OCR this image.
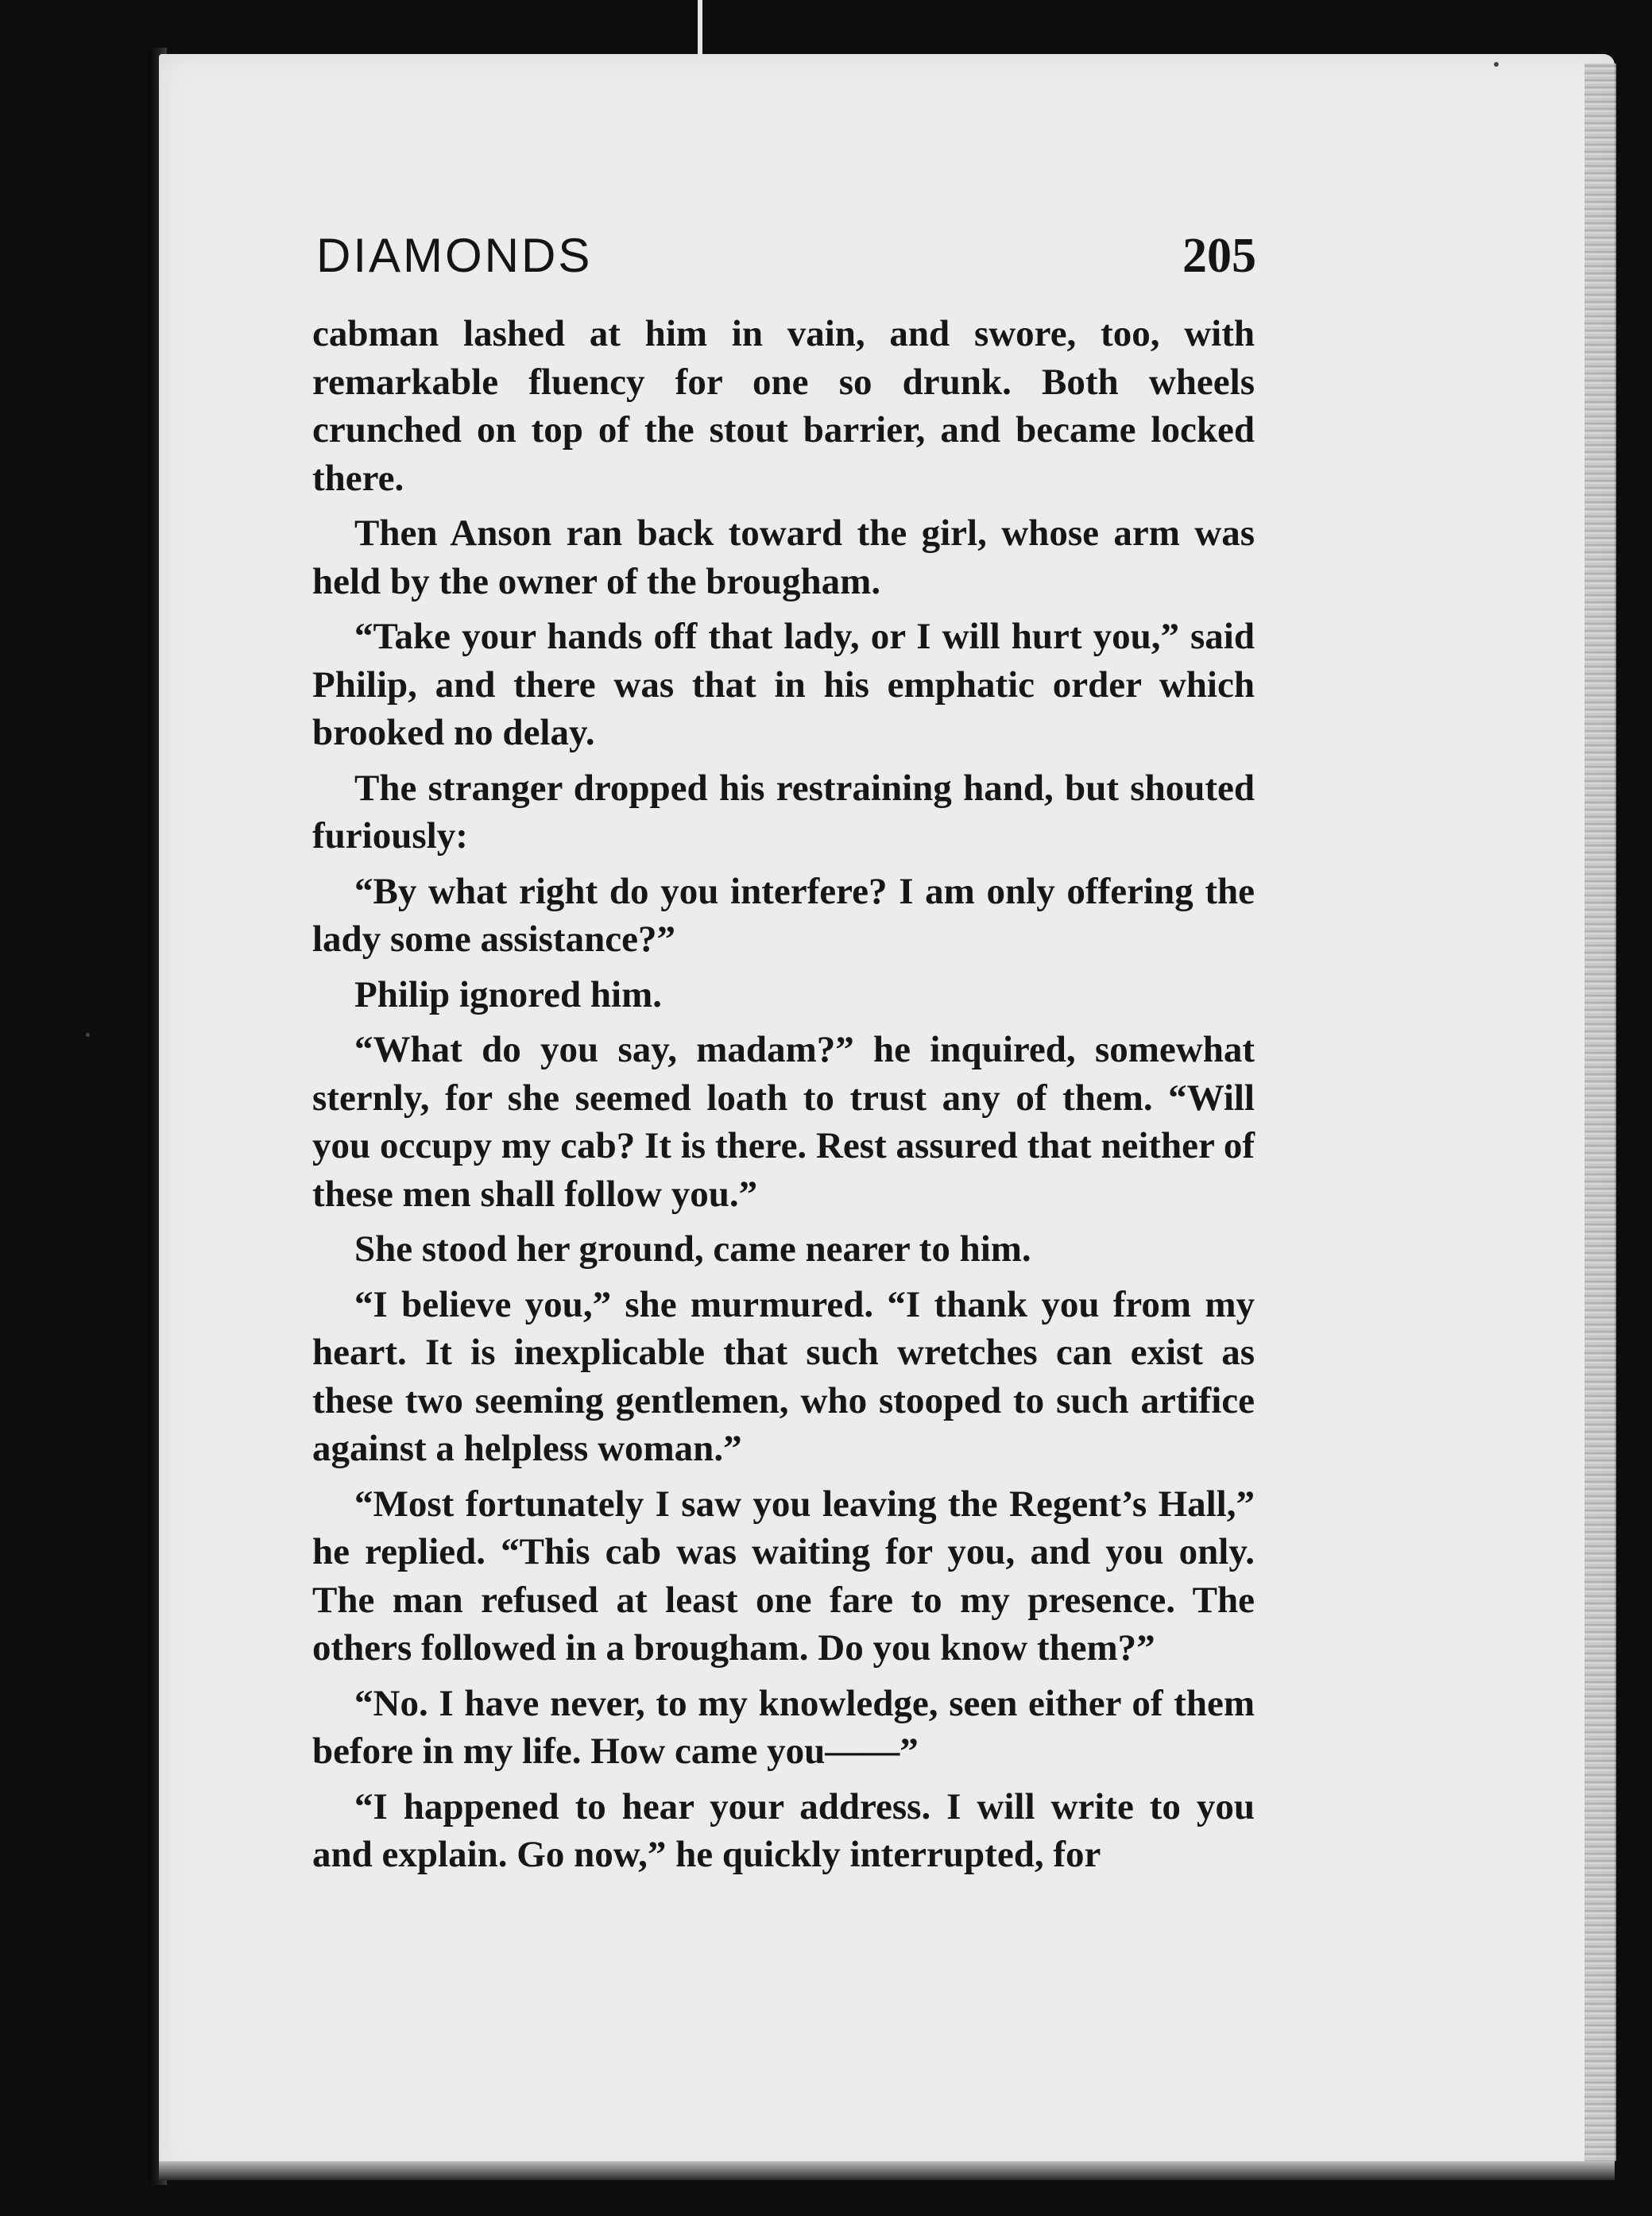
DIAMONDS	205

cabman lashed at him in vain, and swore, too, with remarkable fluency for one so drunk. Both wheels crunched on top of the stout barrier, and became locked there.

Then Anson ran back toward the girl, whose arm was held by the owner of the brougham.

“Take your hands off that lady, or I will hurt you,” said Philip, and there was that in his emphatic order which brooked no delay.

The stranger dropped his restraining hand, but shouted furiously:

“By what right do you interfere? I am only offering the lady some assistance?”

Philip ignored him.

“What do you say, madam?” he inquired, somewhat sternly, for she seemed loath to trust any of them. “Will you occupy my cab? It is there. Rest assured that neither of these men shall follow you.”

She stood her ground, came nearer to him.

“I believe you,” she murmured. “I thank you from my heart. It is inexplicable that such wretches can exist as these two seeming gentlemen, who stooped to such artifice against a helpless woman.”

“Most fortunately I saw you leaving the Regent’s Hall,” he replied. “This cab was waiting for you, and you only. The man refused at least one fare to my presence. The others followed in a brougham. Do you know them?”

“No. I have never, to my knowledge, seen either of them before in my life. How came you——”

“I happened to hear your address. I will write to you and explain. Go now,” he quickly interrupted, for
